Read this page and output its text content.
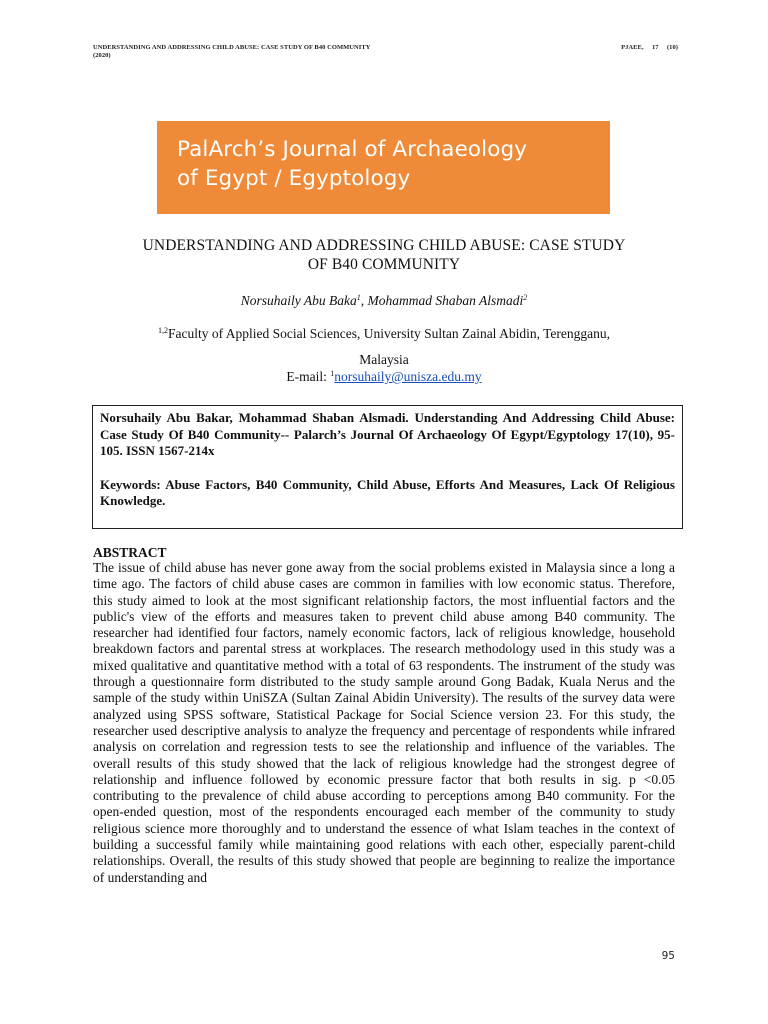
UNDERSTANDING AND ADDRESSING CHILD ABUSE: CASE STUDY OF B40 COMMUNITY
(2020)
PJAEE,     17     (10)
PalArch’s Journal of Archaeology
of Egypt / Egyptology
UNDERSTANDING AND ADDRESSING CHILD ABUSE: CASE STUDY
OF B40 COMMUNITY
Norsuhaily Abu Baka$^1$, Mohammad Shaban Alsmadi$^2$
$^{1,2}$Faculty of Applied Social Sciences, University Sultan Zainal Abidin, Terengganu,
Malaysia
E-mail: $^1$norsuhaily@unisza.edu.my

Norsuhaily Abu Bakar, Mohammad Shaban Alsmadi. Understanding And Addressing Child Abuse: Case Study Of B40 Community-- Palarch’s Journal Of Archaeology Of Egypt/Egyptology 17(10), 95-105. ISSN 1567-214x

Keywords: Abuse Factors, B40 Community, Child Abuse, Efforts And Measures, Lack Of Religious Knowledge.

ABSTRACT

The issue of child abuse has never gone away from the social problems existed in Malaysia since a long a time ago. The factors of child abuse cases are common in families with low economic status. Therefore, this study aimed to look at the most significant relationship factors, the most influential factors and the public's view of the efforts and measures taken to prevent child abuse among B40 community. The researcher had identified four factors, namely economic factors, lack of religious knowledge, household breakdown factors and parental stress at workplaces. The research methodology used in this study was a mixed qualitative and quantitative method with a total of 63 respondents. The instrument of the study was through a questionnaire form distributed to the study sample around Gong Badak, Kuala Nerus and the sample of the study within UniSZA (Sultan Zainal Abidin University). The results of the survey data were analyzed using SPSS software, Statistical Package for Social Science version 23. For this study, the researcher used descriptive analysis to analyze the frequency and percentage of respondents while infrared analysis on correlation and regression tests to see the relationship and influence of the variables. The overall results of this study showed that the lack of religious knowledge had the strongest degree of relationship and influence followed by economic pressure factor that both results in sig. p <0.05 contributing to the prevalence of child abuse according to perceptions among B40 community. For the open-ended question, most of the respondents encouraged each member of the community to study religious science more thoroughly and to understand the essence of what Islam teaches in the context of building a successful family while maintaining good relations with each other, especially parent-child relationships. Overall, the results of this study showed that people are beginning to realize the importance of understanding and

95
